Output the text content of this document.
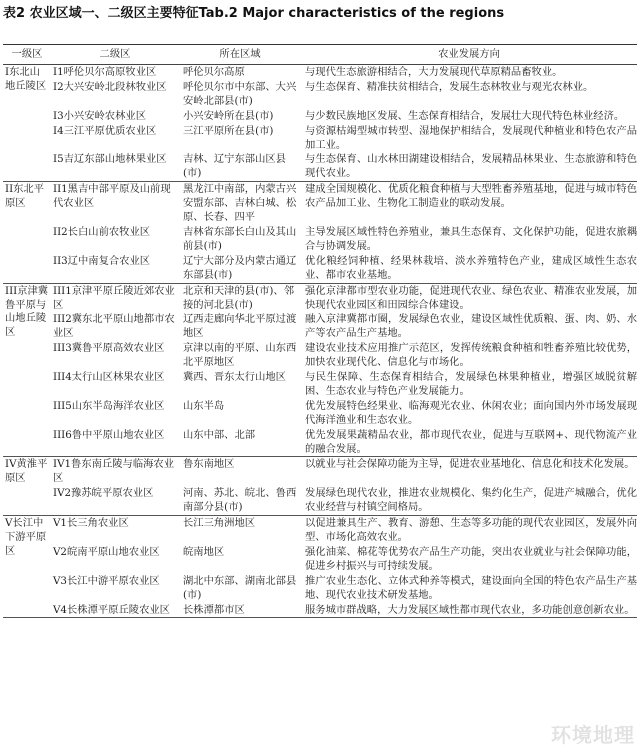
表2 农业区域一、二级区主要特征Tab.2 Major characteristics of the regions
一级区	二级区	所在区域	农业发展方向
I东北山地丘陵区	I1呼伦贝尔高原牧业区	呼伦贝尔高原	与现代生态旅游相结合，大力发展现代草原精品畜牧业。
	I2大兴安岭北段林牧业区	呼伦贝尔市中东部、大兴安岭北部县(市)	与生态保育、精准扶贫相结合，发展生态林牧业与观光农林业。
	I3小兴安岭农林业区	小兴安岭所在县(市)	与少数民族地区发展、生态保育相结合，发展壮大现代特色林业经济。
	I4三江平原优质农业区	三江平原所在县(市)	与资源枯竭型城市转型、湿地保护相结合，发展现代种植业和特色农产品加工业。
	I5吉辽东部山地林果业区	吉林、辽宁东部山区县(市)	与生态保育、山水林田湖建设相结合，发展精品林果业、生态旅游和特色现代农业。
II东北平原区	II1黑吉中部平原及山前现代农业区	黑龙江中南部，内蒙古兴安盟东部、吉林白城、松原、长春、四平	建成全国规模化、优质化粮食种植与大型牲畜养殖基地，促进与城市特色农产品加工业、生物化工制造业的联动发展。
	II2长白山前农牧业区	吉林省东部长白山及其山前县(市)	主导发展区域性特色养殖业，兼具生态保育、文化保护功能，促进农旅耦合与协调发展。
	II3辽中南复合农业区	辽宁大部分及内蒙古通辽东部县(市)	优化粮经饲种植、经果林栽培、淡水养殖特色产业，建成区域性生态农业、都市农业基地。
III京津冀鲁平原与山地丘陵区	III1京津平原丘陵近郊农业区	北京和天津的县(市)、邻接的河北县(市)	强化京津都市型农业功能，促进现代农业、绿色农业、精准农业发展，加快现代农业园区和田园综合体建设。
	III2冀东北平原山地都市农业区	辽西走廊向华北平原过渡地区	融入京津冀都市圈，发展绿色农业，建设区域性优质粮、蛋、肉、奶、水产等农产品生产基地。
	III3冀鲁平原高效农业区	京津以南的平原、山东西北平原地区	建设农业技术应用推广示范区，发挥传统粮食种植和牲畜养殖比较优势，加快农业现代化、信息化与市场化。
	III4太行山区林果农业区	冀西、晋东太行山地区	与民生保障、生态保育相结合，发展绿色林果种植业，增强区域脱贫解困、生态农业与特色产业发展能力。
	III5山东半岛海洋农业区	山东半岛	优先发展特色经果业、临海观光农业、休闲农业；面向国内外市场发展现代海洋渔业和生态农业。
	III6鲁中平原山地农业区	山东中部、北部	优先发展果蔬精品农业，都市现代农业，促进与互联网+、现代物流产业的融合发展。
IV黄淮平原区	IV1鲁东南丘陵与临海农业区	鲁东南地区	以就业与社会保障功能为主导，促进农业基地化、信息化和技术化发展。
	IV2豫苏皖平原农业区	河南、苏北、皖北、鲁西南部分县(市)	发展绿色现代农业，推进农业规模化、集约化生产，促进产城融合，优化农业经营与村镇空间格局。
V长江中下游平原区	V1长三角农业区	长江三角洲地区	以促进兼具生产、教育、游憩、生态等多功能的现代农业园区，发展外向型、市场化高效农业。
	V2皖南平原山地农业区	皖南地区	强化油菜、棉花等优势农产品生产功能，突出农业就业与社会保障功能，促进乡村振兴与可持续发展。
	V3长江中游平原农业区	湖北中东部、湖南北部县(市)	推广农业生态化、立体式种养等模式，建设面向全国的特色农产品生产基地、现代农业技术研发基地。
	V4长株潭平原丘陵农业区	长株潭都市区	服务城市群战略，大力发展区域性都市现代农业，多功能创意创新农业。
环境地理
